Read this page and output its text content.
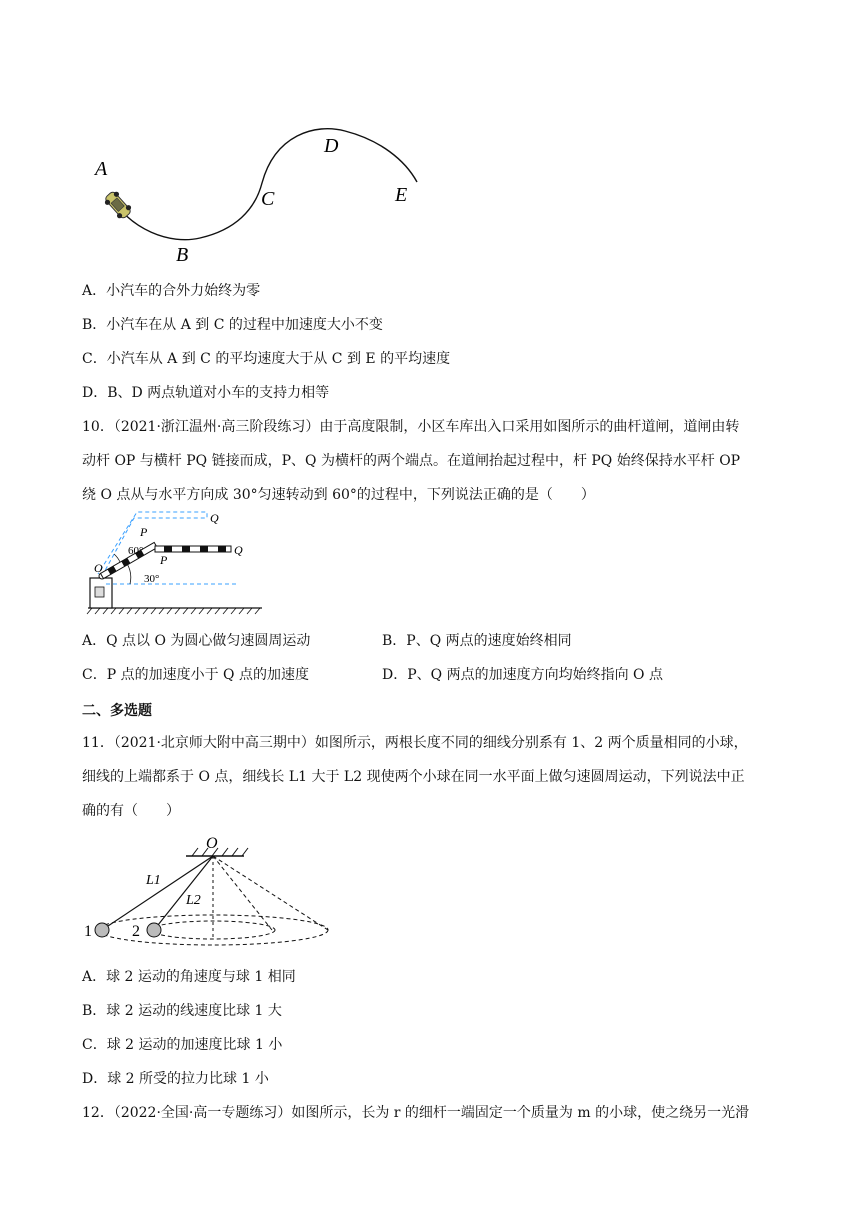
A
B
C
D
E
A．小汽车的合外力始终为零
B．小汽车在从 A 到 C 的过程中加速度大小不变
C．小汽车从 A 到 C 的平均速度大于从 C 到 E 的平均速度
D．B、D 两点轨道对小车的支持力相等
10．（2021·浙江温州·高三阶段练习）由于高度限制，小区车库出入口采用如图所示的曲杆道闸，道闸由转
动杆 OP 与横杆 PQ 链接而成，P、Q 为横杆的两个端点。在道闸抬起过程中，杆 PQ 始终保持水平杆 OP
绕 O 点从与水平方向成 30°匀速转动到 60°的过程中，下列说法正确的是（　　）
Q
P
Q
P
O
60°
30°
A．Q 点以 O 为圆心做匀速圆周运动	B．P、Q 两点的速度始终相同
C．P 点的加速度小于 Q 点的加速度	D．P、Q 两点的加速度方向均始终指向 O 点
二、多选题
11．（2021·北京师大附中高三期中）如图所示，两根长度不同的细线分别系有 1、2 两个质量相同的小球，
细线的上端都系于 O 点，细线长 L1 大于 L2 现使两个小球在同一水平面上做匀速圆周运动，下列说法中正
确的有（　　）
O
L1
L2
1	2
A．球 2 运动的角速度与球 1 相同
B．球 2 运动的线速度比球 1 大
C．球 2 运动的加速度比球 1 小
D．球 2 所受的拉力比球 1 小
12．（2022·全国·高一专题练习）如图所示，长为 r 的细杆一端固定一个质量为 m 的小球，使之绕另一光滑
